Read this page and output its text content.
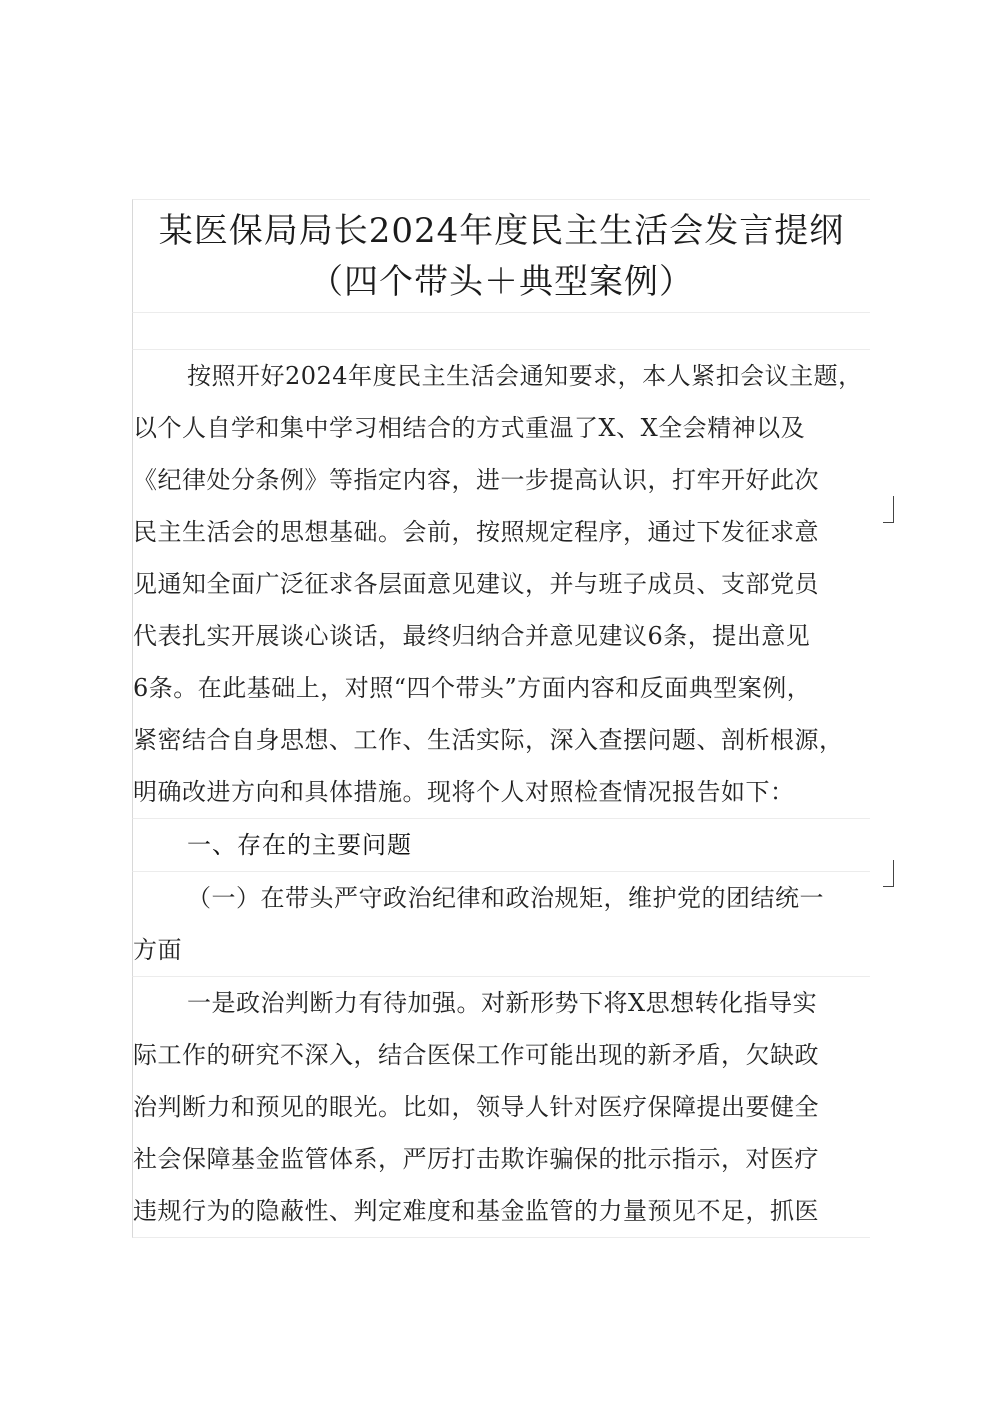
某医保局局长2024年度民主生活会发言提纲
（四个带头＋典型案例）
按照开好2024年度民主生活会通知要求，本人紧扣会议主题，
以个人自学和集中学习相结合的方式重温了X、X全会精神以及
《纪律处分条例》等指定内容，进一步提高认识，打牢开好此次
民主生活会的思想基础。会前，按照规定程序，通过下发征求意
见通知全面广泛征求各层面意见建议，并与班子成员、支部党员
代表扎实开展谈心谈话，最终归纳合并意见建议6条，提出意见
6条。在此基础上，对照“四个带头”方面内容和反面典型案例，
紧密结合自身思想、工作、生活实际，深入查摆问题、剖析根源，
明确改进方向和具体措施。现将个人对照检查情况报告如下：
一、存在的主要问题
（一）在带头严守政治纪律和政治规矩，维护党的团结统一
方面
一是政治判断力有待加强。对新形势下将X思想转化指导实
际工作的研究不深入，结合医保工作可能出现的新矛盾，欠缺政
治判断力和预见的眼光。比如，领导人针对医疗保障提出要健全
社会保障基金监管体系，严厉打击欺诈骗保的批示指示，对医疗
违规行为的隐蔽性、判定难度和基金监管的力量预见不足，抓医
